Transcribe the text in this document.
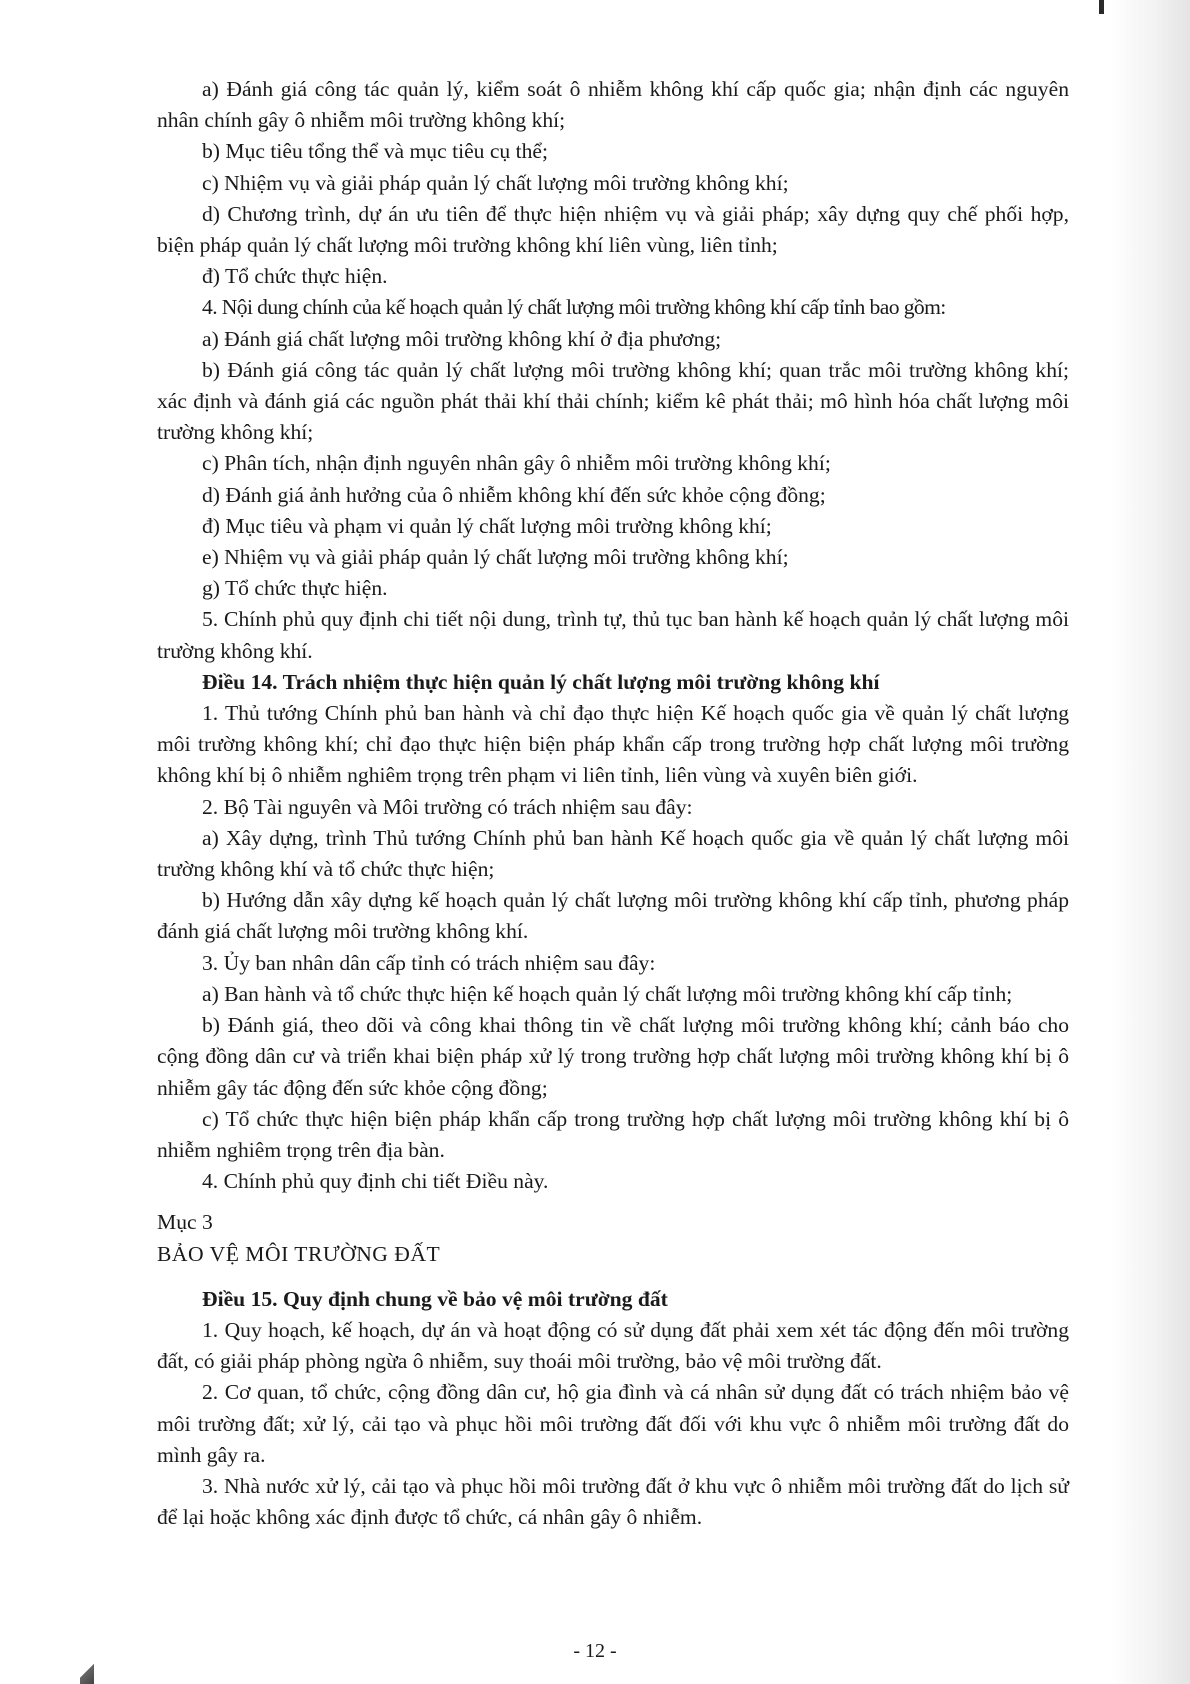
a) Đánh giá công tác quản lý, kiểm soát ô nhiễm không khí cấp quốc gia; nhận định các nguyên nhân chính gây ô nhiễm môi trường không khí;

b) Mục tiêu tổng thể và mục tiêu cụ thể;

c) Nhiệm vụ và giải pháp quản lý chất lượng môi trường không khí;

d) Chương trình, dự án ưu tiên để thực hiện nhiệm vụ và giải pháp; xây dựng quy chế phối hợp, biện pháp quản lý chất lượng môi trường không khí liên vùng, liên tỉnh;

đ) Tổ chức thực hiện.

4. Nội dung chính của kế hoạch quản lý chất lượng môi trường không khí cấp tỉnh bao gồm:

a) Đánh giá chất lượng môi trường không khí ở địa phương;

b) Đánh giá công tác quản lý chất lượng môi trường không khí; quan trắc môi trường không khí; xác định và đánh giá các nguồn phát thải khí thải chính; kiểm kê phát thải; mô hình hóa chất lượng môi trường không khí;

c) Phân tích, nhận định nguyên nhân gây ô nhiễm môi trường không khí;

d) Đánh giá ảnh hưởng của ô nhiễm không khí đến sức khỏe cộng đồng;

đ) Mục tiêu và phạm vi quản lý chất lượng môi trường không khí;

e) Nhiệm vụ và giải pháp quản lý chất lượng môi trường không khí;

g) Tổ chức thực hiện.

5. Chính phủ quy định chi tiết nội dung, trình tự, thủ tục ban hành kế hoạch quản lý chất lượng môi trường không khí.

Điều 14. Trách nhiệm thực hiện quản lý chất lượng môi trường không khí

1. Thủ tướng Chính phủ ban hành và chỉ đạo thực hiện Kế hoạch quốc gia về quản lý chất lượng môi trường không khí; chỉ đạo thực hiện biện pháp khẩn cấp trong trường hợp chất lượng môi trường không khí bị ô nhiễm nghiêm trọng trên phạm vi liên tỉnh, liên vùng và xuyên biên giới.

2. Bộ Tài nguyên và Môi trường có trách nhiệm sau đây:

a) Xây dựng, trình Thủ tướng Chính phủ ban hành Kế hoạch quốc gia về quản lý chất lượng môi trường không khí và tổ chức thực hiện;

b) Hướng dẫn xây dựng kế hoạch quản lý chất lượng môi trường không khí cấp tỉnh, phương pháp đánh giá chất lượng môi trường không khí.

3. Ủy ban nhân dân cấp tỉnh có trách nhiệm sau đây:

a) Ban hành và tổ chức thực hiện kế hoạch quản lý chất lượng môi trường không khí cấp tỉnh;

b) Đánh giá, theo dõi và công khai thông tin về chất lượng môi trường không khí; cảnh báo cho cộng đồng dân cư và triển khai biện pháp xử lý trong trường hợp chất lượng môi trường không khí bị ô nhiễm gây tác động đến sức khỏe cộng đồng;

c) Tổ chức thực hiện biện pháp khẩn cấp trong trường hợp chất lượng môi trường không khí bị ô nhiễm nghiêm trọng trên địa bàn.

4. Chính phủ quy định chi tiết Điều này.

Mục 3

BẢO VỆ MÔI TRƯỜNG ĐẤT

Điều 15. Quy định chung về bảo vệ môi trường đất

1. Quy hoạch, kế hoạch, dự án và hoạt động có sử dụng đất phải xem xét tác động đến môi trường đất, có giải pháp phòng ngừa ô nhiễm, suy thoái môi trường, bảo vệ môi trường đất.

2. Cơ quan, tổ chức, cộng đồng dân cư, hộ gia đình và cá nhân sử dụng đất có trách nhiệm bảo vệ môi trường đất; xử lý, cải tạo và phục hồi môi trường đất đối với khu vực ô nhiễm môi trường đất do mình gây ra.

3. Nhà nước xử lý, cải tạo và phục hồi môi trường đất ở khu vực ô nhiễm môi trường đất do lịch sử để lại hoặc không xác định được tổ chức, cá nhân gây ô nhiễm.

- 12 -
